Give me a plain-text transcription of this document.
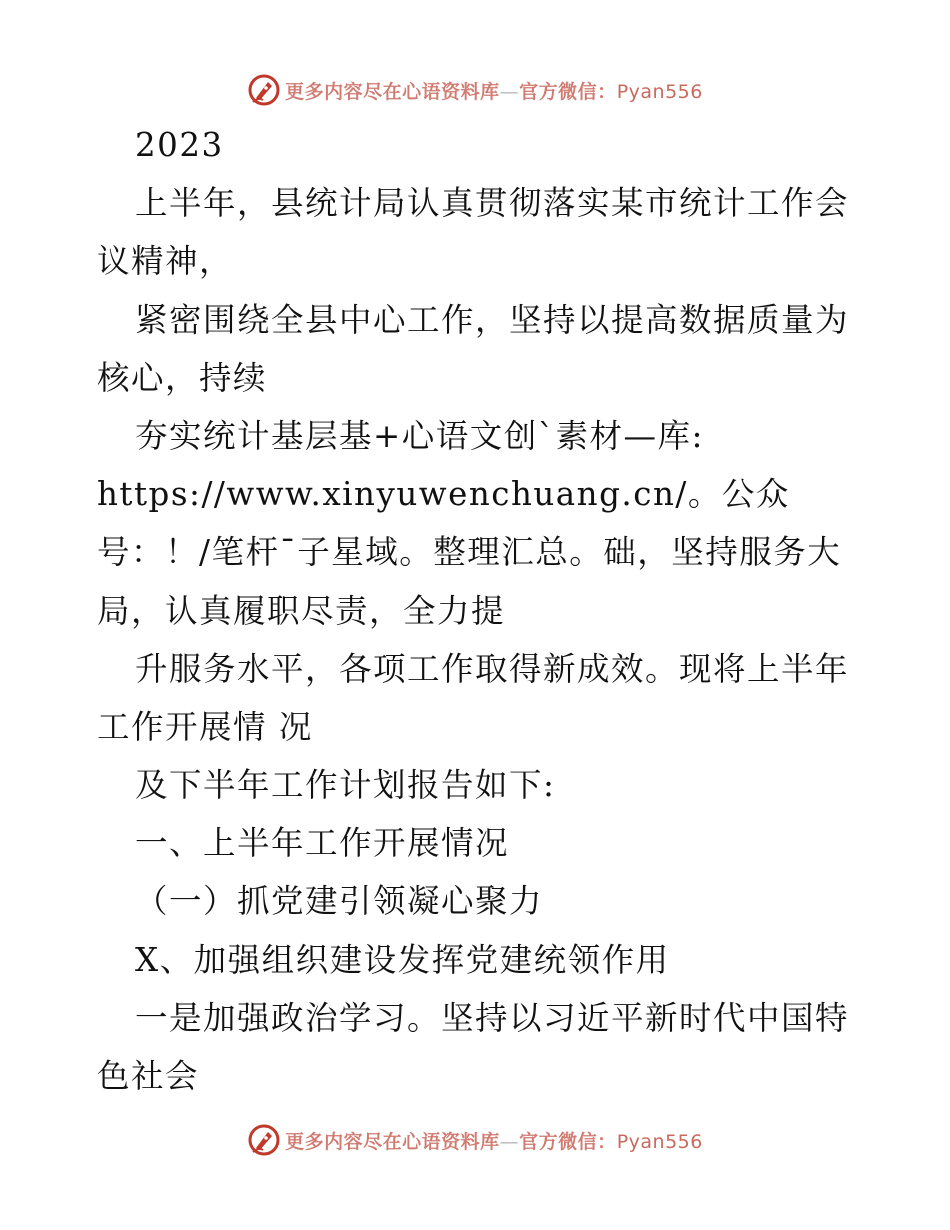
更多内容尽在心语资料库—官方微信：Pyan556
2023
上半年，县统计局认真贯彻落实某市统计工作会
议精神，
紧密围绕全县中心工作，坚持以提高数据质量为
核心，持续
夯实统计基层基+心语文创`素材—库:
https://www.xinyuwenchuang.cn/。公众
号：！/笔杆¯子星域。整理汇总。础，坚持服务大
局，认真履职尽责，全力提
升服务水平，各项工作取得新成效。现将上半年
工作开展情 况
及下半年工作计划报告如下:
一、上半年工作开展情况
（一）抓党建引领凝心聚力
X、加强组织建设发挥党建统领作用
一是加强政治学习。坚持以习近平新时代中国特
色社会
更多内容尽在心语资料库—官方微信：Pyan556
